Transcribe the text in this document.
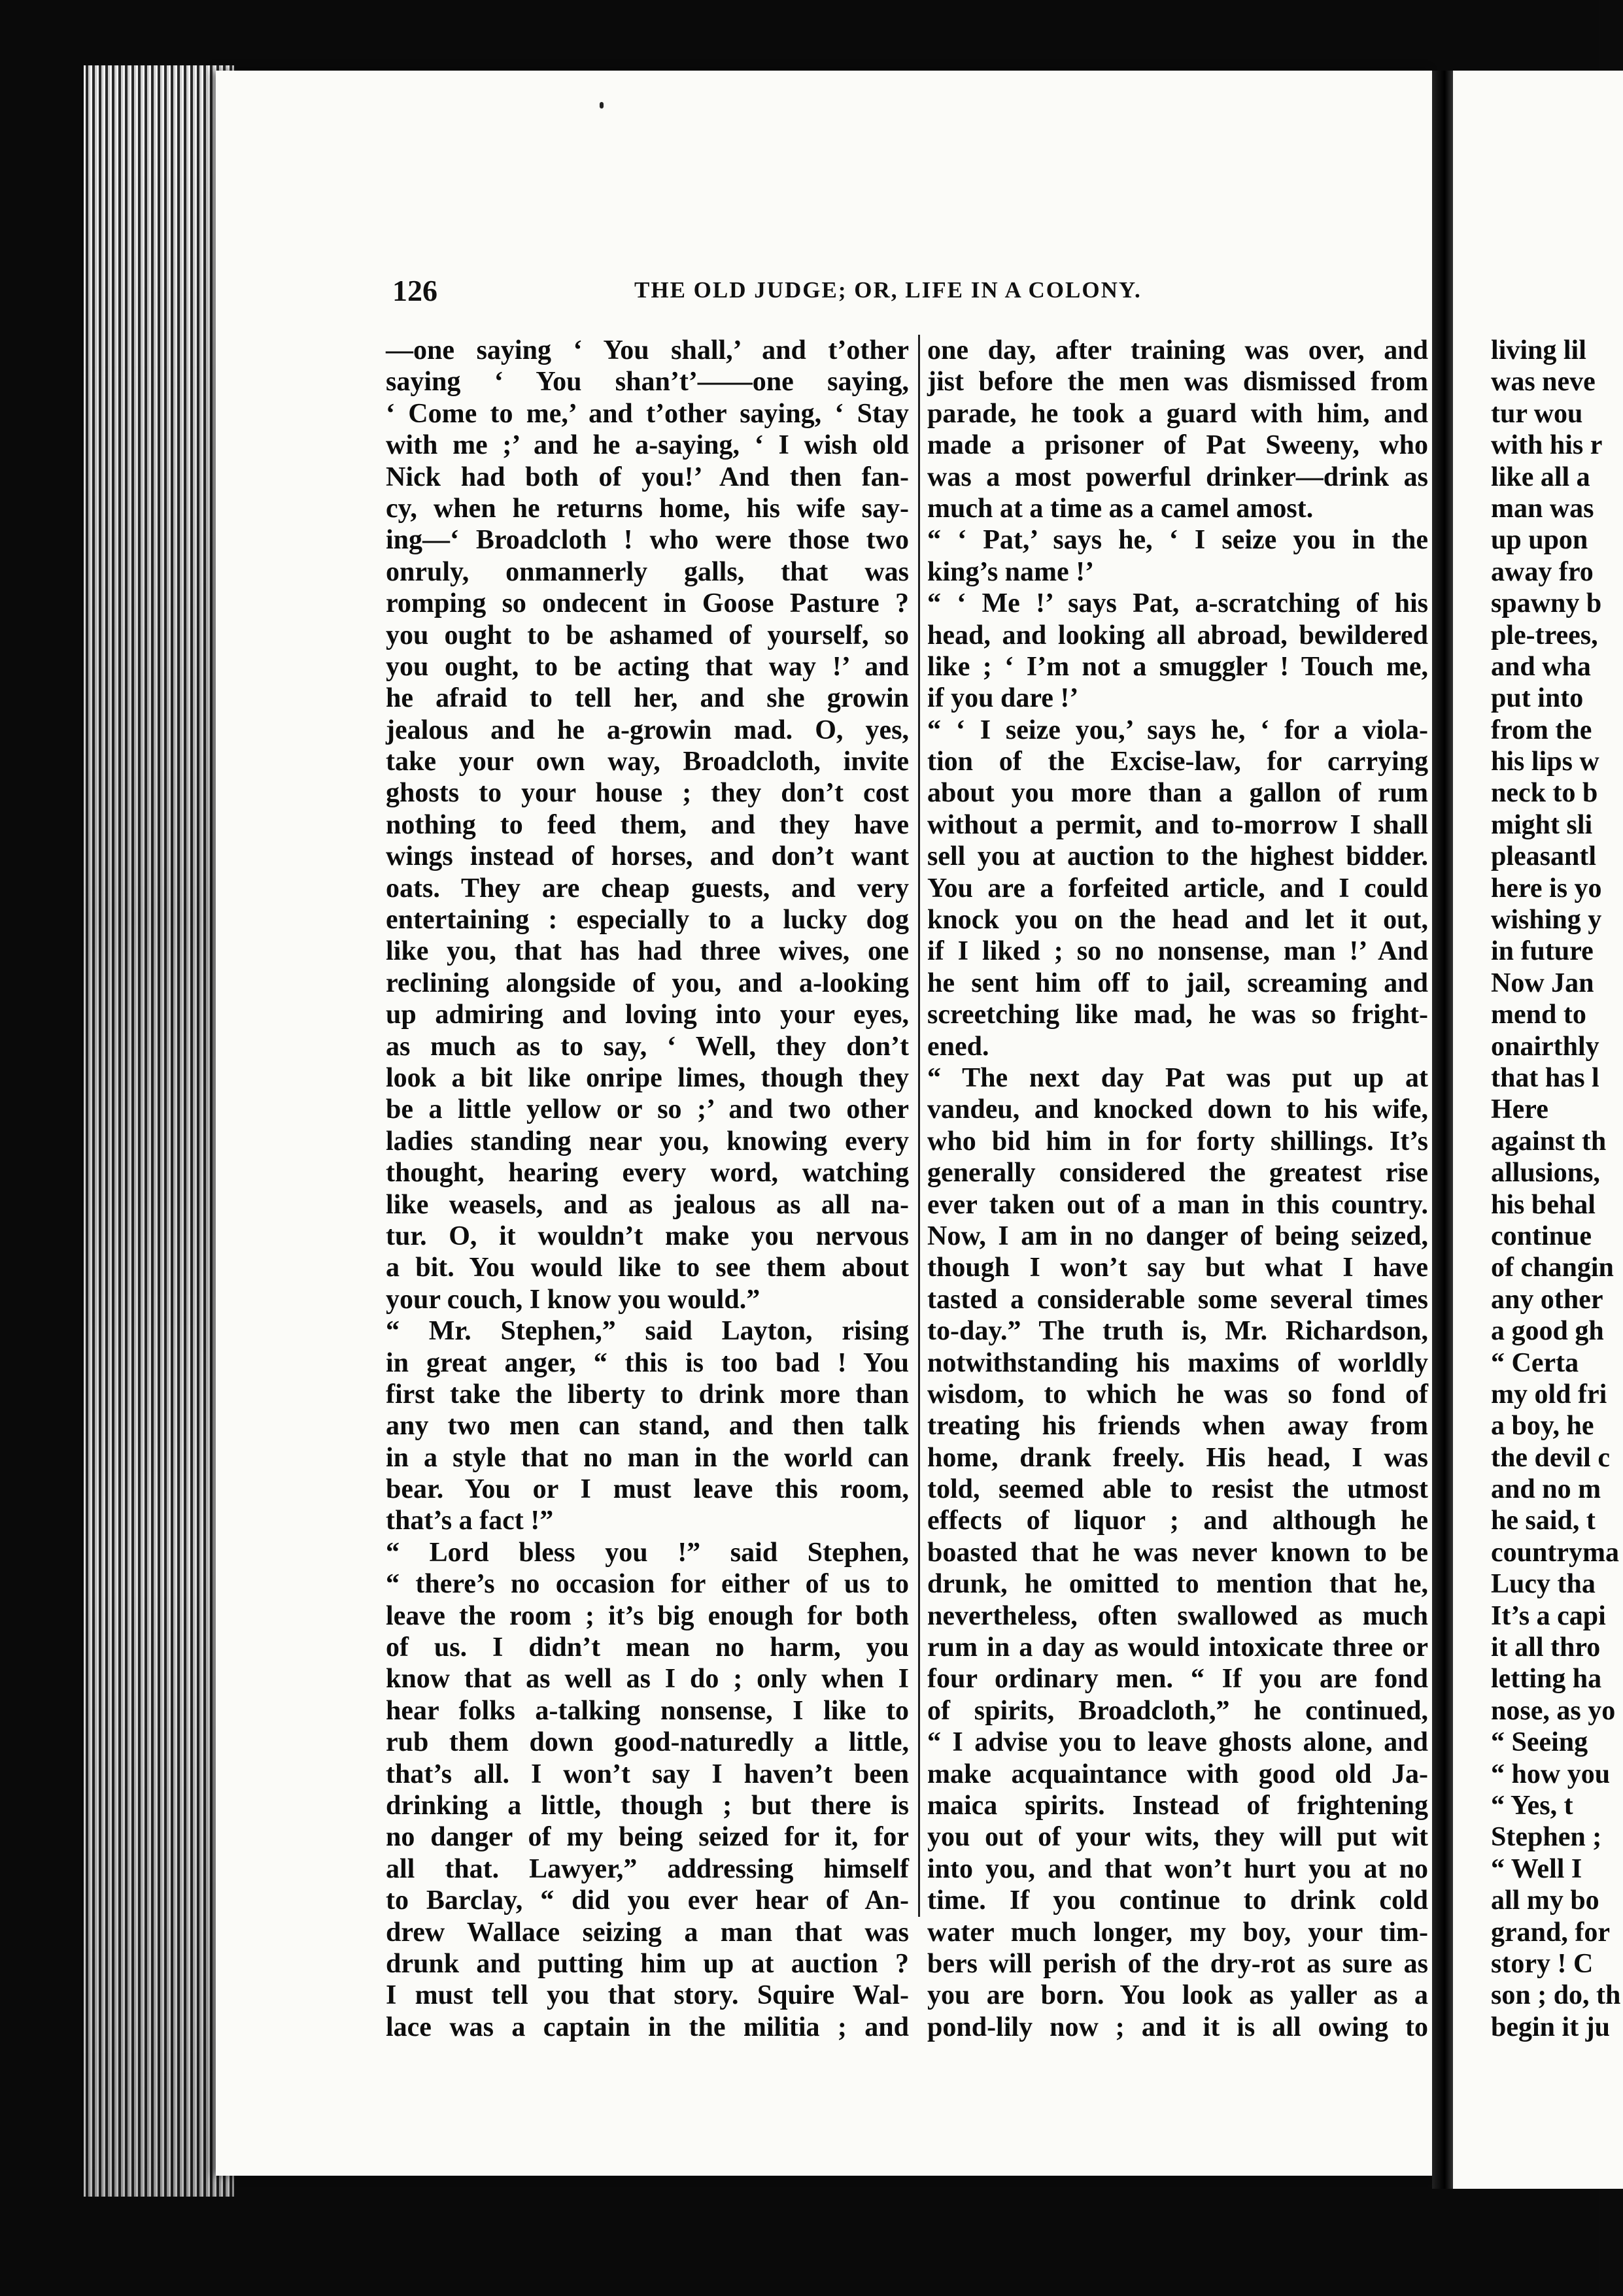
126	THE OLD JUDGE; OR, LIFE IN A COLONY.
—one saying ‘ You shall,’ and t’other
saying ‘ You shan’t’——one saying,
‘ Come to me,’ and t’other saying, ‘ Stay
with me ;’ and he a-saying, ‘ I wish old
Nick had both of you!’ And then fan-
cy, when he returns home, his wife say-
ing—‘ Broadcloth ! who were those two
onruly, onmannerly galls, that was
romping so ondecent in Goose Pasture ?
you ought to be ashamed of yourself, so
you ought, to be acting that way !’ and
he afraid to tell her, and she growin
jealous and he a-growin mad. O, yes,
take your own way, Broadcloth, invite
ghosts to your house ; they don’t cost
nothing to feed them, and they have
wings instead of horses, and don’t want
oats. They are cheap guests, and very
entertaining : especially to a lucky dog
like you, that has had three wives, one
reclining alongside of you, and a-looking
up admiring and loving into your eyes,
as much as to say, ‘ Well, they don’t
look a bit like onripe limes, though they
be a little yellow or so ;’ and two other
ladies standing near you, knowing every
thought, hearing every word, watching
like weasels, and as jealous as all na-
tur. O, it wouldn’t make you nervous
a bit. You would like to see them about
your couch, I know you would.”
“ Mr. Stephen,” said Layton, rising
in great anger, “ this is too bad ! You
first take the liberty to drink more than
any two men can stand, and then talk
in a style that no man in the world can
bear. You or I must leave this room,
that’s a fact !”
“ Lord bless you !” said Stephen,
“ there’s no occasion for either of us to
leave the room ; it’s big enough for both
of us. I didn’t mean no harm, you
know that as well as I do ; only when I
hear folks a-talking nonsense, I like to
rub them down good-naturedly a little,
that’s all. I won’t say I haven’t been
drinking a little, though ; but there is
no danger of my being seized for it, for
all that. Lawyer,” addressing himself
to Barclay, “ did you ever hear of An-
drew Wallace seizing a man that was
drunk and putting him up at auction ?
I must tell you that story. Squire Wal-
lace was a captain in the militia ; and
one day, after training was over, and
jist before the men was dismissed from
parade, he took a guard with him, and
made a prisoner of Pat Sweeny, who
was a most powerful drinker—drink as
much at a time as a camel amost.
“ ‘ Pat,’ says he, ‘ I seize you in the
king’s name !’
“ ‘ Me !’ says Pat, a-scratching of his
head, and looking all abroad, bewildered
like ; ‘ I’m not a smuggler ! Touch me,
if you dare !’
“ ‘ I seize you,’ says he, ‘ for a viola-
tion of the Excise-law, for carrying
about you more than a gallon of rum
without a permit, and to-morrow I shall
sell you at auction to the highest bidder.
You are a forfeited article, and I could
knock you on the head and let it out,
if I liked ; so no nonsense, man !’ And
he sent him off to jail, screaming and
screetching like mad, he was so fright-
ened.
“ The next day Pat was put up at
vandeu, and knocked down to his wife,
who bid him in for forty shillings. It’s
generally considered the greatest rise
ever taken out of a man in this country.
Now, I am in no danger of being seized,
though I won’t say but what I have
tasted a considerable some several times
to-day.” The truth is, Mr. Richardson,
notwithstanding his maxims of worldly
wisdom, to which he was so fond of
treating his friends when away from
home, drank freely. His head, I was
told, seemed able to resist the utmost
effects of liquor ; and although he
boasted that he was never known to be
drunk, he omitted to mention that he,
nevertheless, often swallowed as much
rum in a day as would intoxicate three or
four ordinary men. “ If you are fond
of spirits, Broadcloth,” he continued,
“ I advise you to leave ghosts alone, and
make acquaintance with good old Ja-
maica spirits. Instead of frightening
you out of your wits, they will put wit
into you, and that won’t hurt you at no
time. If you continue to drink cold
water much longer, my boy, your tim-
bers will perish of the dry-rot as sure as
you are born. You look as yaller as a
pond-lily now ; and it is all owing to
living lil
was neve
tur wou
with his r
like all a
man was
up upon
away fro
spawny b
ple-trees,
and wha
put into
from the
his lips w
neck to b
might sli
pleasantl
here is yo
wishing y
in future
Now Jan
mend to
onairthly
that has l
Here
against th
allusions,
his behal
continue
of changin
any other
a good gh
“ Certa
my old fri
a boy, he
the devil c
and no m
he said, t
countryma
Lucy tha
It’s a capi
it all thro
letting ha
nose, as yo
“ Seeing
“ how you
“ Yes, t
Stephen ;
“ Well I
all my bo
grand, for
story ! C
son ; do, th
begin it ju
